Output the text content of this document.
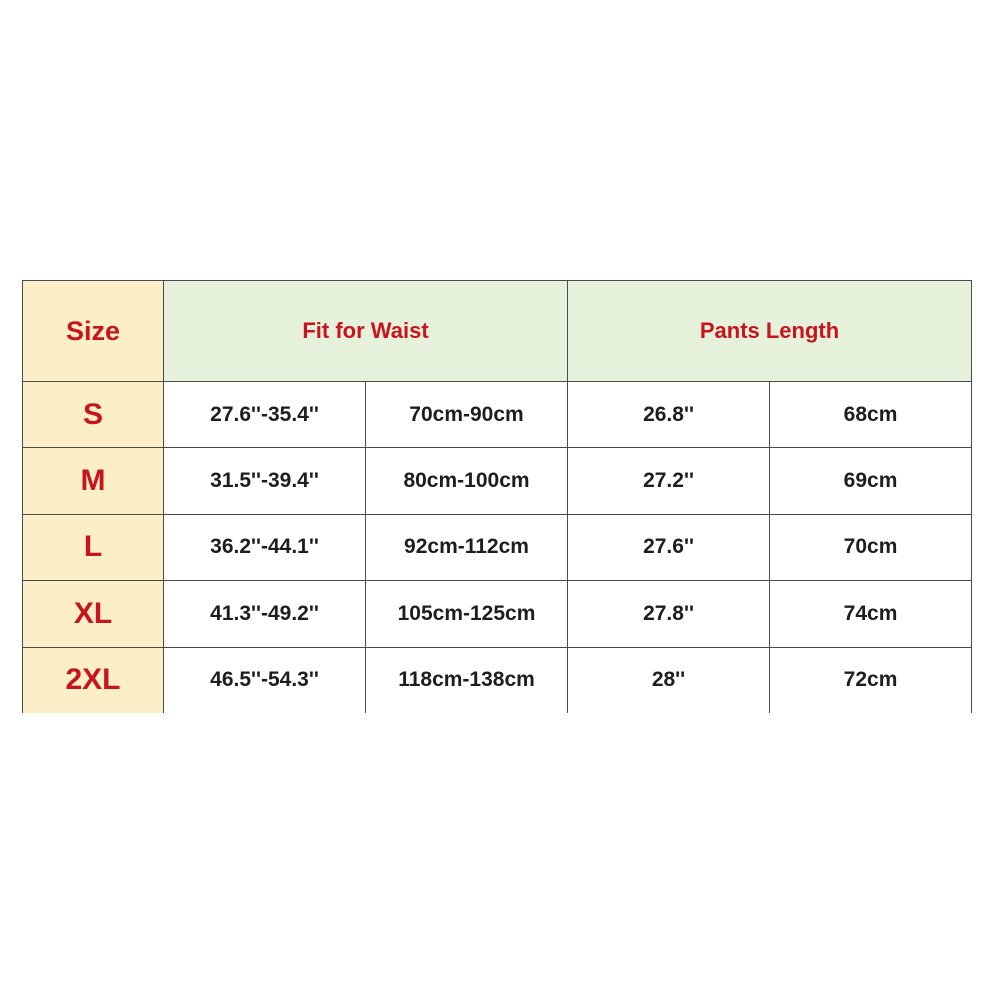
Size	Fit for Waist		Pants Length	
S	27.6''-35.4''	70cm-90cm	26.8''	68cm
M	31.5''-39.4''	80cm-100cm	27.2''	69cm
L	36.2''-44.1''	92cm-112cm	27.6''	70cm
XL	41.3''-49.2''	105cm-125cm	27.8''	74cm
2XL	46.5''-54.3''	118cm-138cm	28''	72cm
